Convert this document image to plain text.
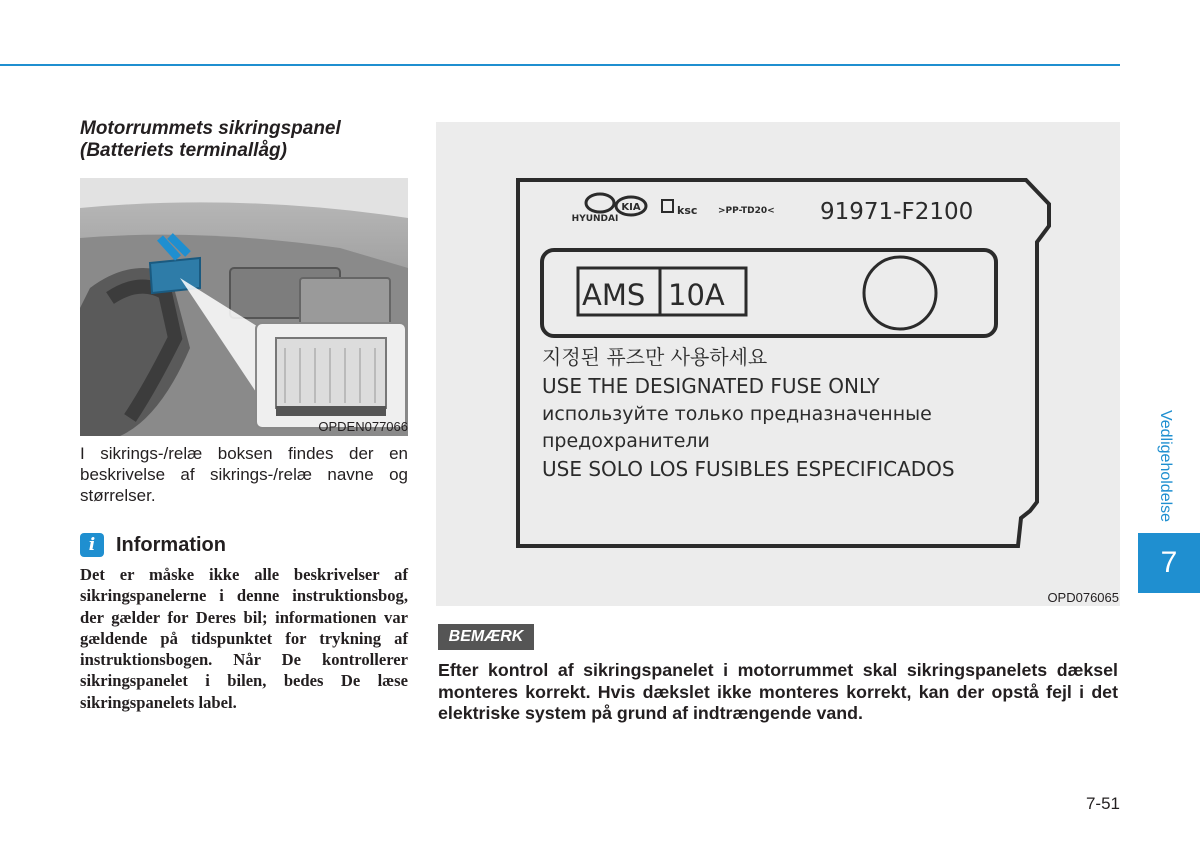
Motorrummets sikringspanel
(Batteriets terminallåg)
OPDEN077066
I sikrings-/relæ boksen findes der en beskrivelse af sikrings-/relæ navne og størrelser.
i	Information
Det er måske ikke alle beskrivelser af sikringspanelerne i denne instruktionsbog, der gælder for Deres bil; informationen var gældende på tidspunktet for trykning af instruktionsbogen. Når De kontrollerer sikringspanelet i bilen, bedes De læse sikringspanelets label.
HYUNDAI
KIA	ksc >PP-TD20< 91971-F2100
AMS 10A
지정된 퓨즈만 사용하세요
USE THE DESIGNATED FUSE ONLY
используйте только предназначенные
предохранители
USE SOLO LOS FUSIBLES ESPECIFICADOS
OPD076065
BEMÆRK
Efter kontrol af sikringspanelet i motorrummet skal sikringspanelets dæksel monteres korrekt. Hvis dækslet ikke monteres korrekt, kan der opstå fejl i det elektriske system på grund af indtrængende vand.
Vedligeholdelse
7
7-51
